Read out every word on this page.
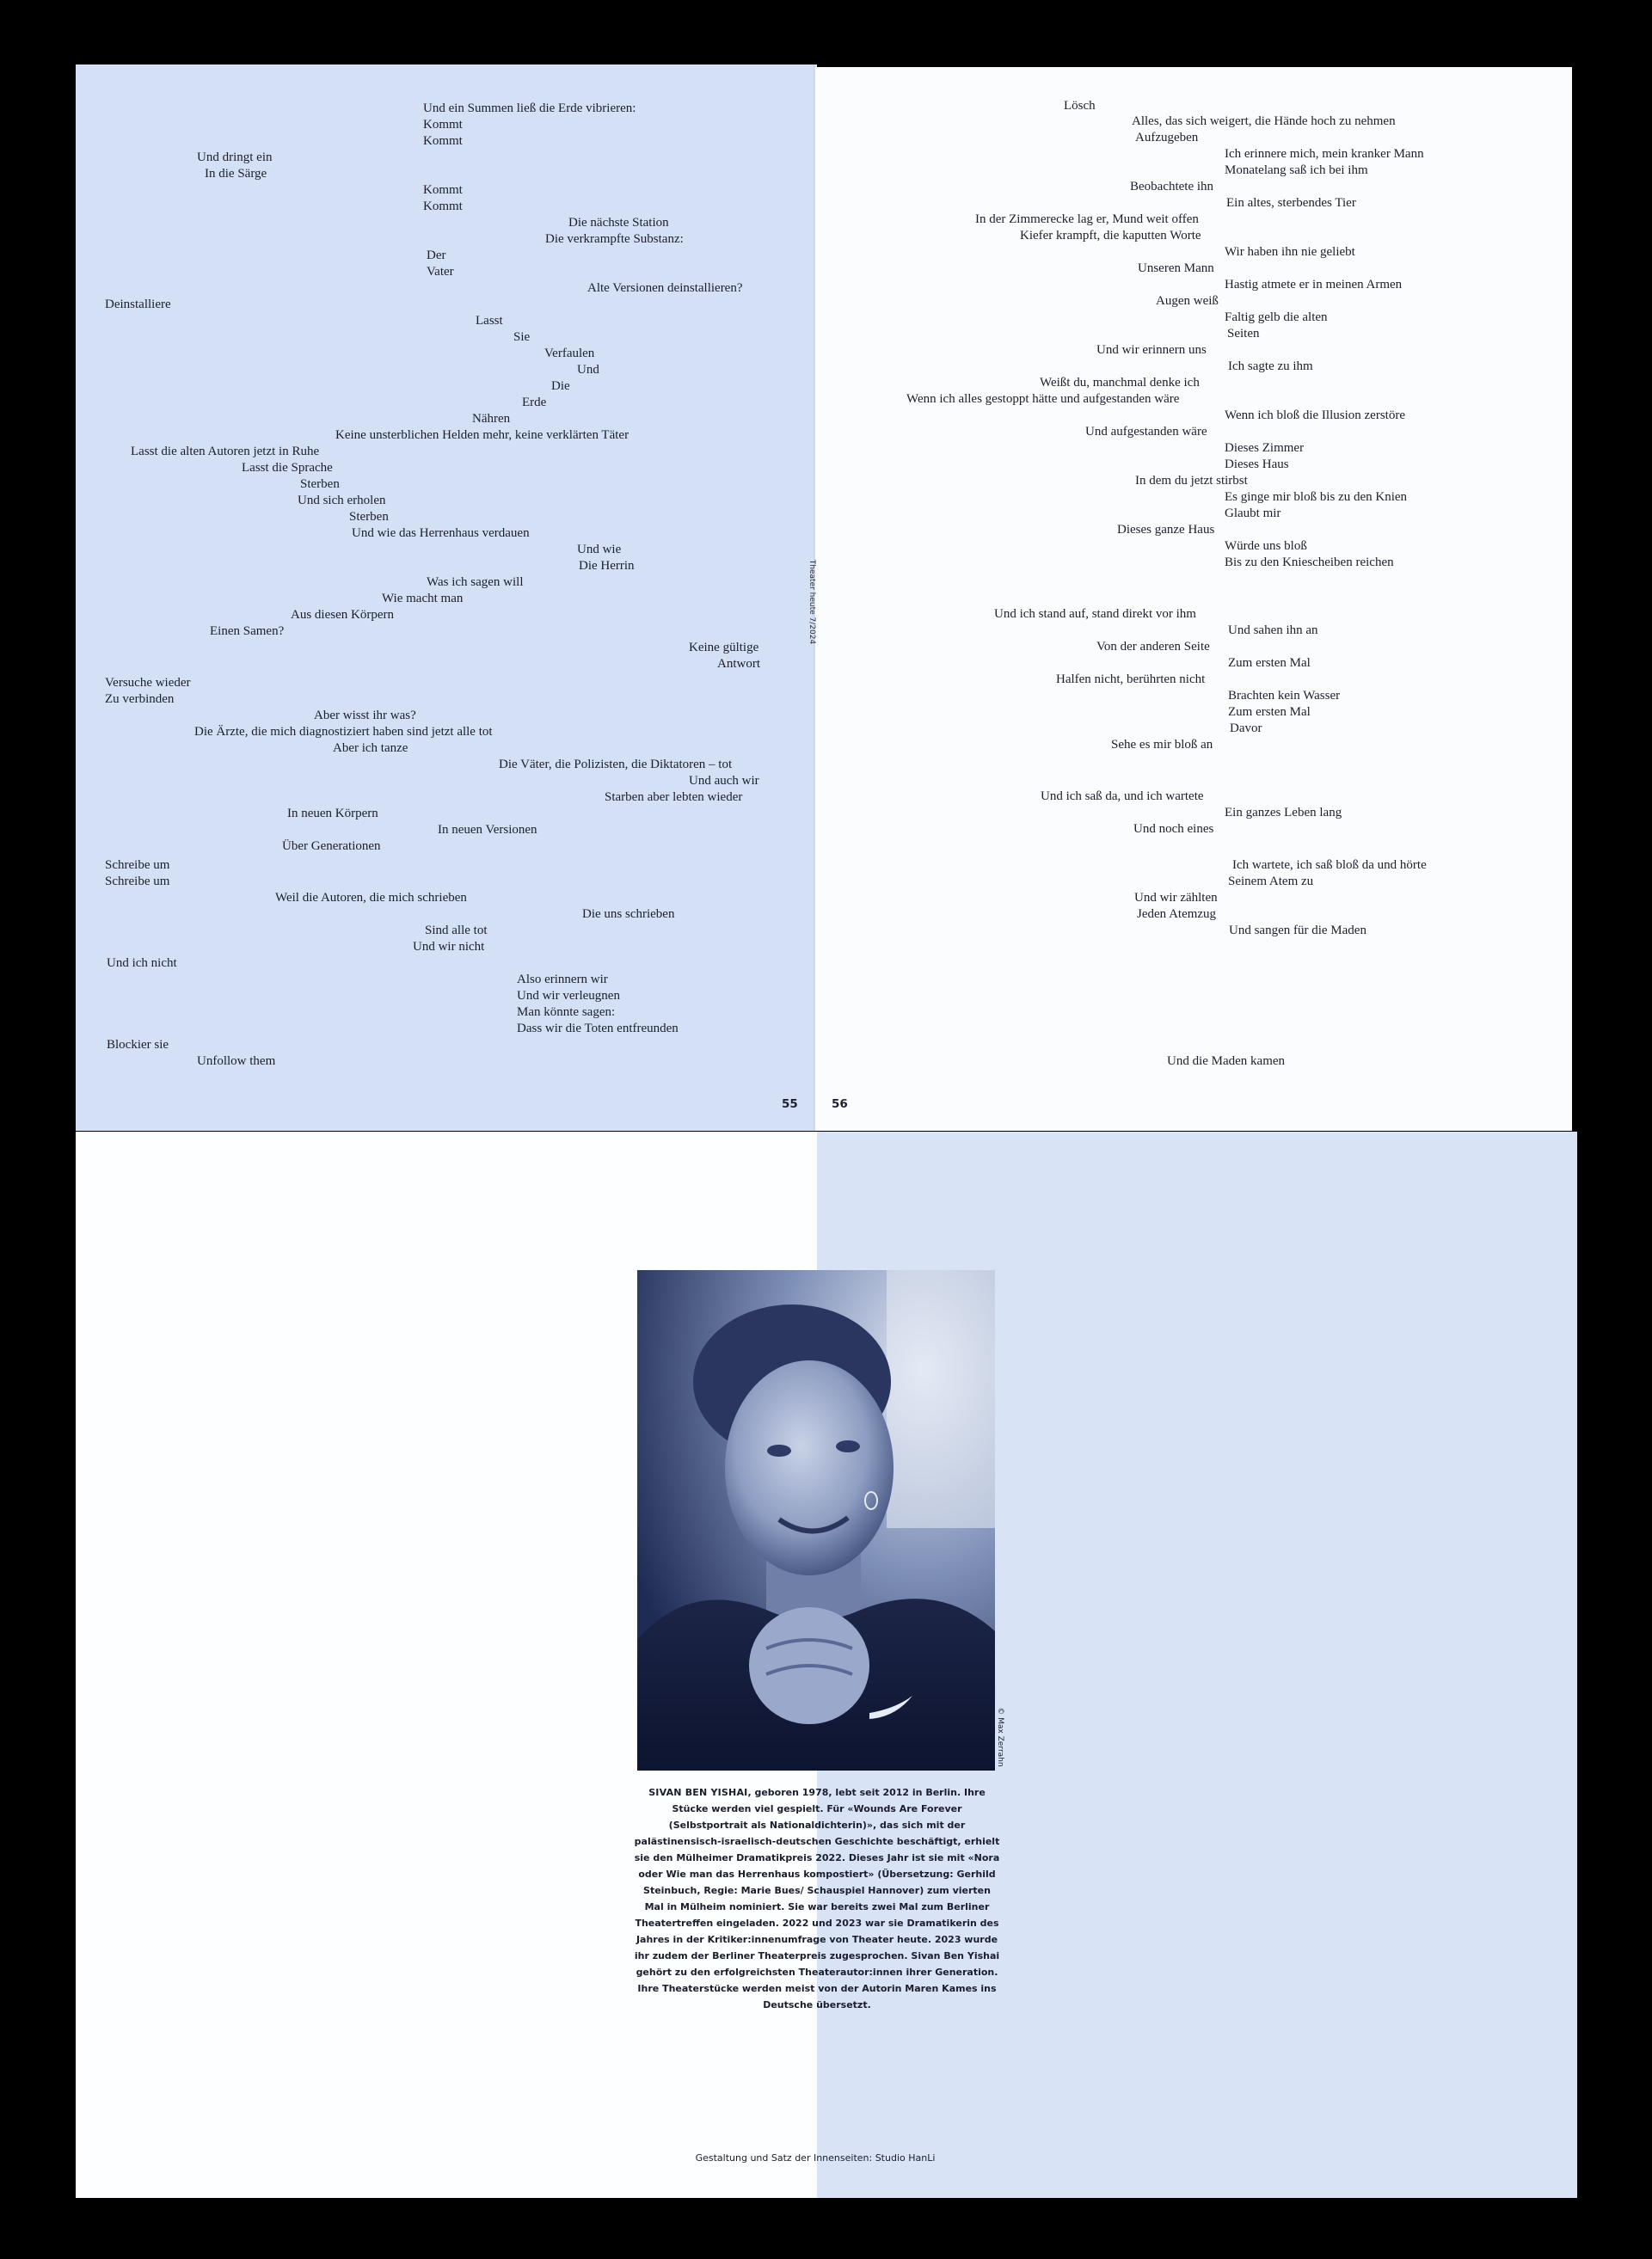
Und ein Summen ließ die Erde vibrieren:

Kommt

Kommt

Und dringt ein

In die Särge

Kommt

Kommt

Die nächste Station

Die verkrampfte Substanz:

Der

Vater

Alte Versionen deinstallieren?

Deinstalliere

Lasst

Sie

Verfaulen

Und

Die

Erde

Nähren

Keine unsterblichen Helden mehr, keine verklärten Täter

Lasst die alten Autoren jetzt in Ruhe

Lasst die Sprache

Sterben

Und sich erholen

Sterben

Und wie das Herrenhaus verdauen

Und wie

Die Herrin

Was ich sagen will

Wie macht man

Aus diesen Körpern

Einen Samen?

Keine gültige

Antwort

Versuche wieder

Zu verbinden

Aber wisst ihr was?

Die Ärzte, die mich diagnostiziert haben sind jetzt alle tot

Aber ich tanze

Die Väter, die Polizisten, die Diktatoren – tot

Und auch wir

Starben aber lebten wieder

In neuen Körpern

In neuen Versionen

Über Generationen

Schreibe um

Schreibe um

Weil die Autoren, die mich schrieben

Die uns schrieben

Sind alle tot

Und wir nicht

Und ich nicht

Also erinnern wir

Und wir verleugnen

Man könnte sagen:

Dass wir die Toten entfreunden

Blockier sie

Unfollow them

Lösch

Alles, das sich weigert, die Hände hoch zu nehmen

Aufzugeben

Ich erinnere mich, mein kranker Mann

Monatelang saß ich bei ihm

Beobachtete ihn

Ein altes, sterbendes Tier

In der Zimmerecke lag er, Mund weit offen

Kiefer krampft, die kaputten Worte

Wir haben ihn nie geliebt

Unseren Mann

Hastig atmete er in meinen Armen

Augen weiß

Faltig gelb die alten

Seiten

Und wir erinnern uns

Ich sagte zu ihm

Weißt du, manchmal denke ich

Wenn ich alles gestoppt hätte und aufgestanden wäre

Wenn ich bloß die Illusion zerstöre

Und aufgestanden wäre

Dieses Zimmer

Dieses Haus

In dem du jetzt stirbst

Es ginge mir bloß bis zu den Knien

Glaubt mir

Dieses ganze Haus

Würde uns bloß

Bis zu den Kniescheiben reichen

Und ich stand auf, stand direkt vor ihm

Und sahen ihn an

Von der anderen Seite

Zum ersten Mal

Halfen nicht, berührten nicht

Brachten kein Wasser

Zum ersten Mal

Davor

Sehe es mir bloß an

Und ich saß da, und ich wartete

Ein ganzes Leben lang

Und noch eines

Ich wartete, ich saß bloß da und hörte

Seinem Atem zu

Und wir zählten

Jeden Atemzug

Und sangen für die Maden

Und die Maden kamen

55	56

Theater heute 7/2024

© Max Zerrahn

SIVAN BEN YISHAI, geboren 1978, lebt seit 2012 in Berlin. Ihre Stücke werden viel gespielt. Für «Wounds Are Forever (Selbstportrait als Nationaldichterin)», das sich mit der palästinensisch-israelisch-deutschen Geschichte beschäftigt, erhielt sie den Mülheimer Dramatikpreis 2022. Dieses Jahr ist sie mit «Nora oder Wie man das Herrenhaus kompostiert» (Übersetzung: Gerhild Steinbuch, Regie: Marie Bues/ Schauspiel Hannover) zum vierten Mal in Mülheim nominiert. Sie war bereits zwei Mal zum Berliner Theatertreffen eingeladen. 2022 und 2023 war sie Dramatikerin des Jahres in der Kritiker:innenumfrage von Theater heute. 2023 wurde ihr zudem der Berliner Theaterpreis zugesprochen. Sivan Ben Yishai gehört zu den erfolgreichsten Theaterautor:innen ihrer Generation. Ihre Theaterstücke werden meist von der Autorin Maren Kames ins Deutsche übersetzt.

Gestaltung und Satz der Innenseiten: Studio HanLi
